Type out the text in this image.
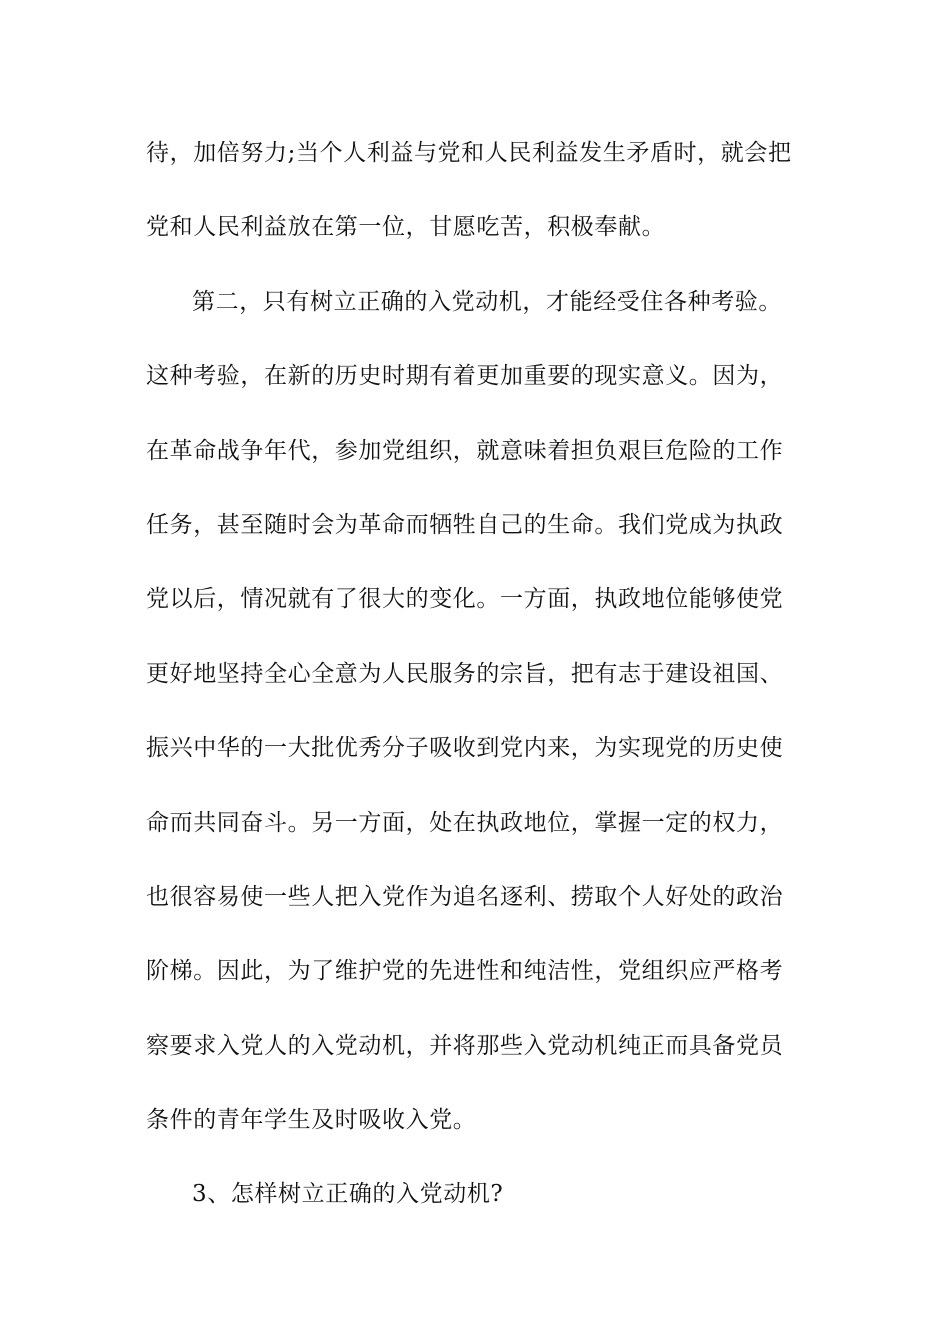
待，加倍努力;当个人利益与党和人民利益发生矛盾时，就会把
党和人民利益放在第一位，甘愿吃苦，积极奉献。
第二，只有树立正确的入党动机，才能经受住各种考验。
这种考验，在新的历史时期有着更加重要的现实意义。因为，
在革命战争年代，参加党组织，就意味着担负艰巨危险的工作
任务，甚至随时会为革命而牺牲自己的生命。我们党成为执政
党以后，情况就有了很大的变化。一方面，执政地位能够使党
更好地坚持全心全意为人民服务的宗旨，把有志于建设祖国、
振兴中华的一大批优秀分子吸收到党内来，为实现党的历史使
命而共同奋斗。另一方面，处在执政地位，掌握一定的权力，
也很容易使一些人把入党作为追名逐利、捞取个人好处的政治
阶梯。因此，为了维护党的先进性和纯洁性，党组织应严格考
察要求入党人的入党动机，并将那些入党动机纯正而具备党员
条件的青年学生及时吸收入党。
3、怎样树立正确的入党动机?
